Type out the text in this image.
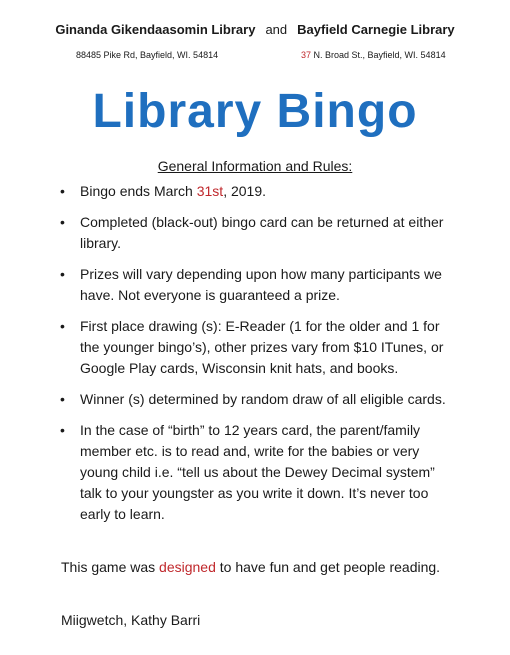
Ginanda Gikendaasomin Library and Bayfield Carnegie Library
88485 Pike Rd, Bayfield, WI. 54814	37 N. Broad St., Bayfield, WI. 54814
Library Bingo
General Information and Rules:
• Bingo ends March 31st, 2019.
• Completed (black-out) bingo card can be returned at either library.
• Prizes will vary depending upon how many participants we have. Not everyone is guaranteed a prize.
• First place drawing (s): E-Reader (1 for the older and 1 for the younger bingo’s), other prizes vary from $10 ITunes, or Google Play cards, Wisconsin knit hats, and books.
• Winner (s) determined by random draw of all eligible cards.
• In the case of “birth” to 12 years card, the parent/family member etc. is to read and, write for the babies or very young child i.e. “tell us about the Dewey Decimal system” talk to your youngster as you write it down. It’s never too early to learn.
This game was designed to have fun and get people reading.
Miigwetch, Kathy Barri
